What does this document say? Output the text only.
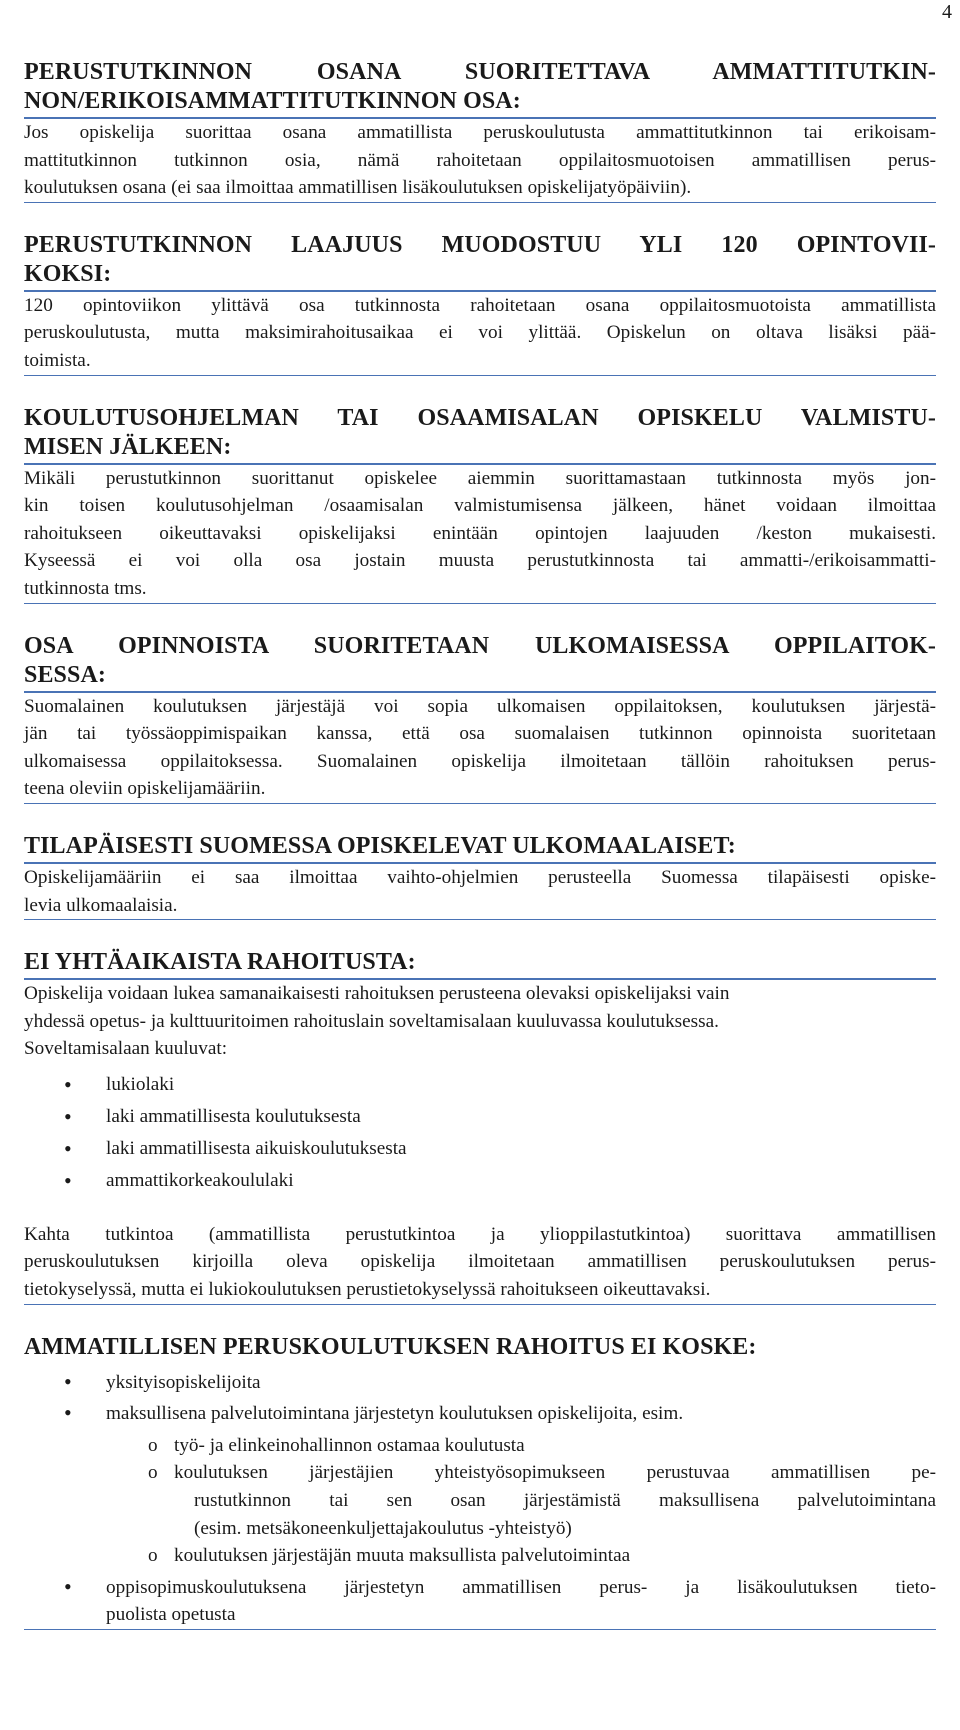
4
PERUSTUTKINNON OSANA SUORITETTAVA AMMATTITUTKIN-
NON/ERIKOISAMMATTITUTKINNON OSA:

Jos opiskelija suorittaa osana ammatillista peruskoulutusta ammattitutkinnon tai erikoisam-
mattitutkinnon tutkinnon osia, nämä rahoitetaan oppilaitosmuotoisen ammatillisen perus-
koulutuksen osana (ei saa ilmoittaa ammatillisen lisäkoulutuksen opiskelijatyöpäiviin).

PERUSTUTKINNON LAAJUUS MUODOSTUU YLI 120 OPINTOVII-
KOKSI:

120 opintoviikon ylittävä osa tutkinnosta rahoitetaan osana oppilaitosmuotoista ammatillista
peruskoulutusta, mutta maksimirahoitusaikaa ei voi ylittää. Opiskelun on oltava lisäksi pää-
toimista.

KOULUTUSOHJELMAN TAI OSAAMISALAN OPISKELU VALMISTU-
MISEN JÄLKEEN:

Mikäli perustutkinnon suorittanut opiskelee aiemmin suorittamastaan tutkinnosta myös jon-
kin toisen koulutusohjelman /osaamisalan valmistumisensa jälkeen, hänet voidaan ilmoittaa
rahoitukseen oikeuttavaksi opiskelijaksi enintään opintojen laajuuden /keston mukaisesti.
Kyseessä ei voi olla osa jostain muusta perustutkinnosta tai ammatti-/erikoisammatti-
tutkinnosta tms.

OSA OPINNOISTA SUORITETAAN ULKOMAISESSA OPPILAITOK-
SESSA:

Suomalainen koulutuksen järjestäjä voi sopia ulkomaisen oppilaitoksen, koulutuksen järjestä-
jän tai työssäoppimispaikan kanssa, että osa suomalaisen tutkinnon opinnoista suoritetaan
ulkomaisessa oppilaitoksessa. Suomalainen opiskelija ilmoitetaan tällöin rahoituksen perus-
teena oleviin opiskelijamääriin.

TILAPÄISESTI SUOMESSA OPISKELEVAT ULKOMAALAISET:

Opiskelijamääriin ei saa ilmoittaa vaihto-ohjelmien perusteella Suomessa tilapäisesti opiske-
levia ulkomaalaisia.

EI YHTÄAIKAISTA RAHOITUSTA:

Opiskelija voidaan lukea samanaikaisesti rahoituksen perusteena olevaksi opiskelijaksi vain
yhdessä opetus- ja kulttuuritoimen rahoituslain soveltamisalaan kuuluvassa koulutuksessa.
Soveltamisalaan kuuluvat:

• lukiolaki
• laki ammatillisesta koulutuksesta
• laki ammatillisesta aikuiskoulutuksesta
• ammattikorkeakoululaki

Kahta tutkintoa (ammatillista perustutkintoa ja ylioppilastutkintoa) suorittava ammatillisen
peruskoulutuksen kirjoilla oleva opiskelija ilmoitetaan ammatillisen peruskoulutuksen perus-
tietokyselyssä, mutta ei lukiokoulutuksen perustietokyselyssä rahoitukseen oikeuttavaksi.

AMMATILLISEN PERUSKOULUTUKSEN RAHOITUS EI KOSKE:
• yksityisopiskelijoita
• maksullisena palvelutoimintana järjestetyn koulutuksen opiskelijoita, esim.
o työ- ja elinkeinohallinnon ostamaa koulutusta
o koulutuksen järjestäjien yhteistyösopimukseen perustuvaa ammatillisen pe-
rustutkinnon tai sen osan järjestämistä maksullisena palvelutoimintana
(esim. metsäkoneenkuljettajakoulutus -yhteistyö)
o koulutuksen järjestäjän muuta maksullista palvelutoimintaa
• oppisopimuskoulutuksena järjestetyn ammatillisen perus- ja lisäkoulutuksen tieto-
puolista opetusta
